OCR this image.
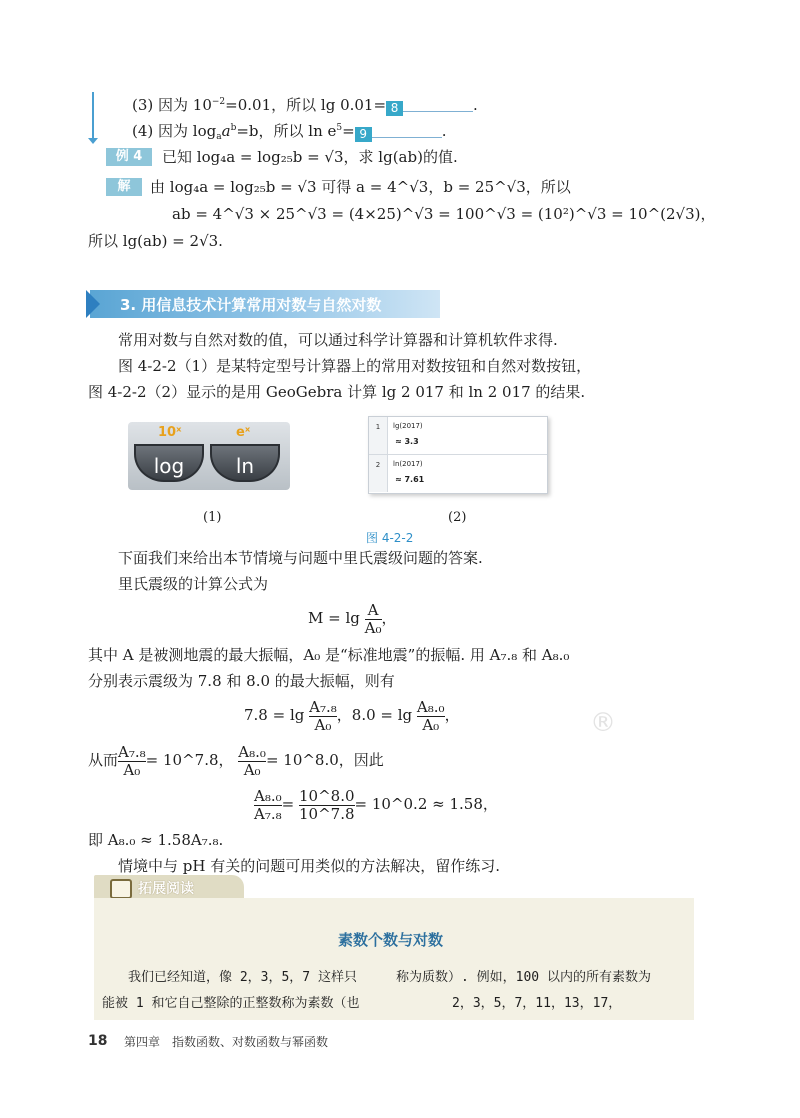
(3) 因为 $10^{-2}=0.01$，所以 lg 0.01= 8	.
(4) 因为 $\log_aa^b=b$，所以 $\ln e^5= 9$	.
例 4	已知 log₄a = log₂₅b = √3，求 lg(ab)的值.
解	由 log₄a = log₂₅b = √3 可得 a = 4^√3，b = 25^√3，所以
ab = 4^√3 × 25^√3 = (4×25)^√3 = 100^√3 = (10²)^√3 = 10^(2√3)，
所以 lg(ab) = 2√3.
3. 用信息技术计算常用对数与自然对数
常用对数与自然对数的值，可以通过科学计算器和计算机软件求得.
图 4-2-2（1）是某特定型号计算器上的常用对数按钮和自然对数按钮，
图 4-2-2（2）显示的是用 GeoGebra 计算 lg 2 017 和 ln 2 017 的结果.
10ˣ	eˣ
log	ln
1	lg(2017)
≈ 3.3
2	ln(2017)
≈ 7.61
(1)	(2)
图 4-2-2
下面我们来给出本节情境与问题中里氏震级问题的答案.
里氏震级的计算公式为
$M = \lg \frac{A}{\text{A₀}}$ ，
其中 A 是被测地震的最大振幅，A₀ 是“标准地震”的振幅. 用 A₇.₈ 和 A₈.₀
分别表示震级为 7.8 和 8.0 的最大振幅，则有
$7.8 = \lg \frac{\text{A₇.₈}}{\text{A₀}}$ ，$8.0 = \lg \frac{\text{A₈.₀}}{\text{A₀}}$ ，
从而 $\frac{\text{A₇.₈}}{\text{A₀}}$ = 10^7.8， $\frac{\text{A₈.₀}}{\text{A₀}}$ = 10^8.0，因此
$\frac{\text{A₈.₀}}{\text{A₇.₈}} = \frac{10\^{}8.0}{10\^{}7.8}$ = 10^0.2 ≈ 1.58，
即 A₈.₀ ≈ 1.58A₇.₈.
情境中与 pH 有关的问题可用类似的方法解决，留作练习.
®
拓展阅读
素数个数与对数
我们已经知道，像 2，3，5，7 这样只	称为质数）. 例如，100 以内的所有素数为
能被 1 和它自己整除的正整数称为素数（也	2，3，5，7，11，13，17，
18 第四章　指数函数、对数函数与幂函数
